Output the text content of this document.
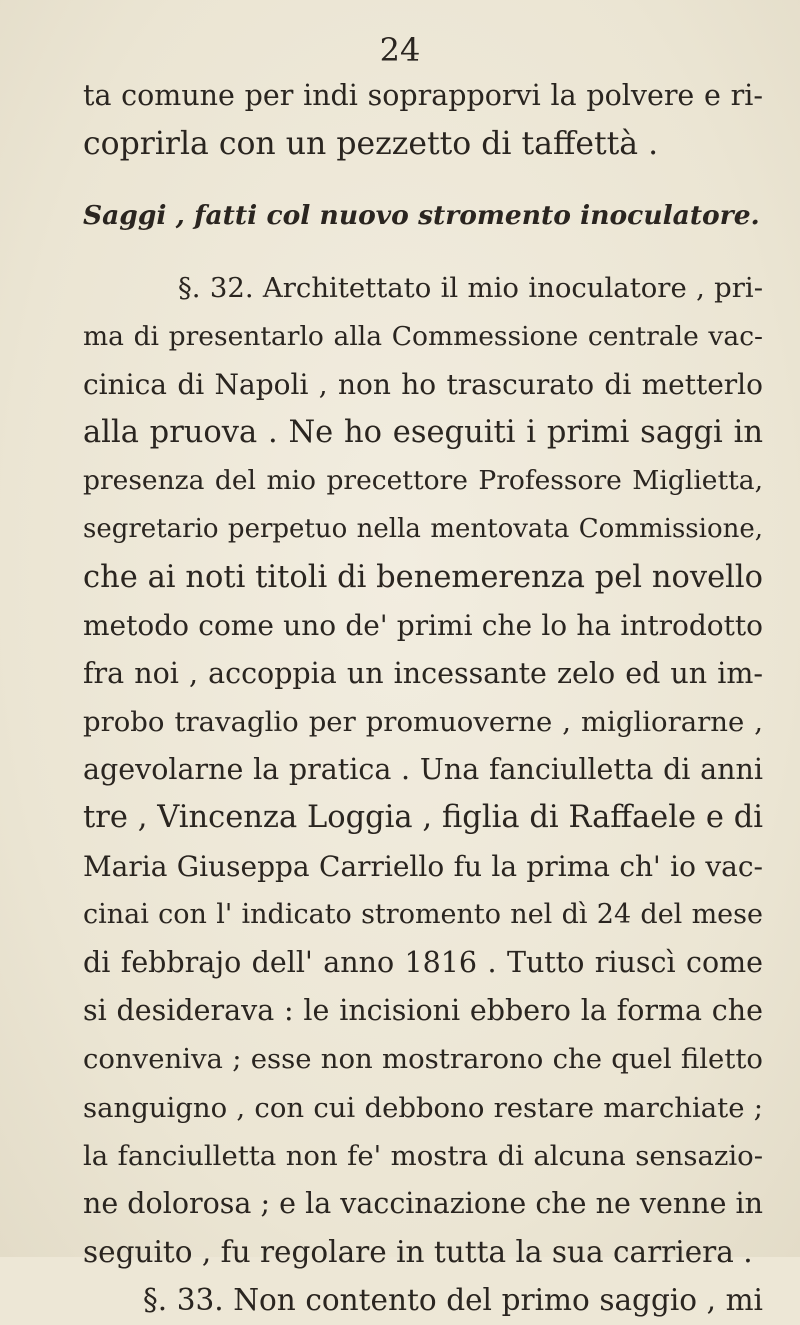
24
ta comune per indi soprapporvi la polvere e ri-
coprirla con un pezzetto di taffettà .
Saggi , fatti col nuovo stromento inoculatore.
§. 32. Architettato il mio inoculatore , pri-
ma di presentarlo alla Commessione centrale vac-
cinica di Napoli , non ho trascurato di metterlo
alla pruova . Ne ho eseguiti i primi saggi in
presenza del mio precettore Professore Miglietta,
segretario perpetuo nella mentovata Commissione,
che ai noti titoli di benemerenza pel novello
metodo come uno de' primi che lo ha introdotto
fra noi , accoppia un incessante zelo ed un im-
probo travaglio per promuoverne , migliorarne ,
agevolarne la pratica . Una fanciulletta di anni
tre , Vincenza Loggia , figlia di Raffaele e di
Maria Giuseppa Carriello fu la prima ch' io vac-
cinai con l' indicato stromento nel dì 24 del mese
di febbrajo dell' anno 1816 . Tutto riuscì come
si desiderava : le incisioni ebbero la forma che
conveniva ; esse non mostrarono che quel filetto
sanguigno , con cui debbono restare marchiate ;
la fanciulletta non fe' mostra di alcuna sensazio-
ne dolorosa ; e la vaccinazione che ne venne in
seguito , fu regolare in tutta la sua carriera .
§. 33. Non contento del primo saggio , mi
